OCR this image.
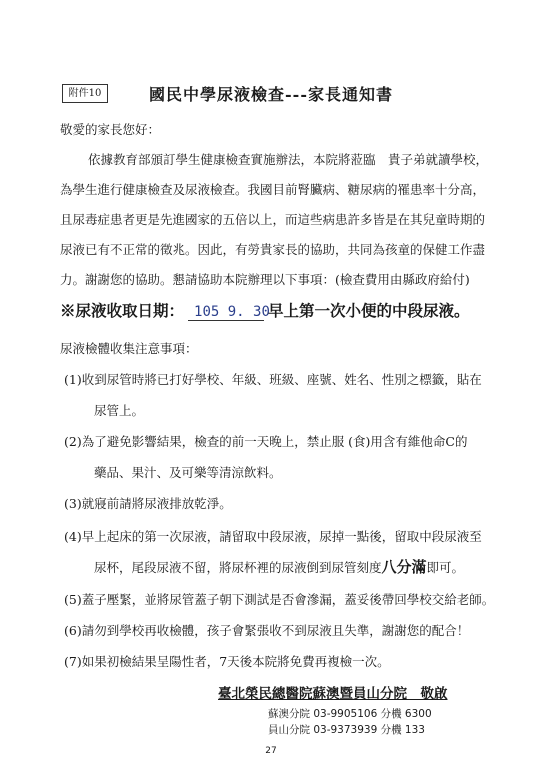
附件10	國民中學尿液檢查---家長通知書
敬愛的家長您好：
依據教育部頒訂學生健康檢查實施辦法，本院將蒞臨　貴子弟就讀學校，
為學生進行健康檢查及尿液檢查。我國目前腎臟病、糖尿病的罹患率十分高，
且尿毒症患者更是先進國家的五倍以上，而這些病患許多皆是在其兒童時期的
尿液已有不正常的徵兆。因此，有勞貴家長的協助，共同為孩童的保健工作盡
力。謝謝您的協助。懇請協助本院辦理以下事項：(檢查費用由縣政府給付)
※尿液收取日期： 105 9. 30早上第一次小便的中段尿液。
尿液檢體收集注意事項：
(1)收到尿管時將已打好學校、年級、班級、座號、姓名、性別之標籤，貼在
尿管上。
(2)為了避免影響結果，檢查的前一天晚上，禁止服 (食)用含有維他命C的
藥品、果汁、及可樂等清涼飲料。
(3)就寢前請將尿液排放乾淨。
(4)早上起床的第一次尿液，請留取中段尿液，尿掉一點後，留取中段尿液至
尿杯，尾段尿液不留，將尿杯裡的尿液倒到尿管刻度八分滿即可。
(5)蓋子壓緊，並將尿管蓋子朝下測試是否會滲漏，蓋妥後帶回學校交給老師。
(6)請勿到學校再收檢體，孩子會緊張收不到尿液且失準，謝謝您的配合！
(7)如果初檢結果呈陽性者，7天後本院將免費再複檢一次。
臺北榮民總醫院蘇澳暨員山分院　敬啟
蘇澳分院 03-9905106 分機 6300
員山分院 03-9373939 分機 133
27
